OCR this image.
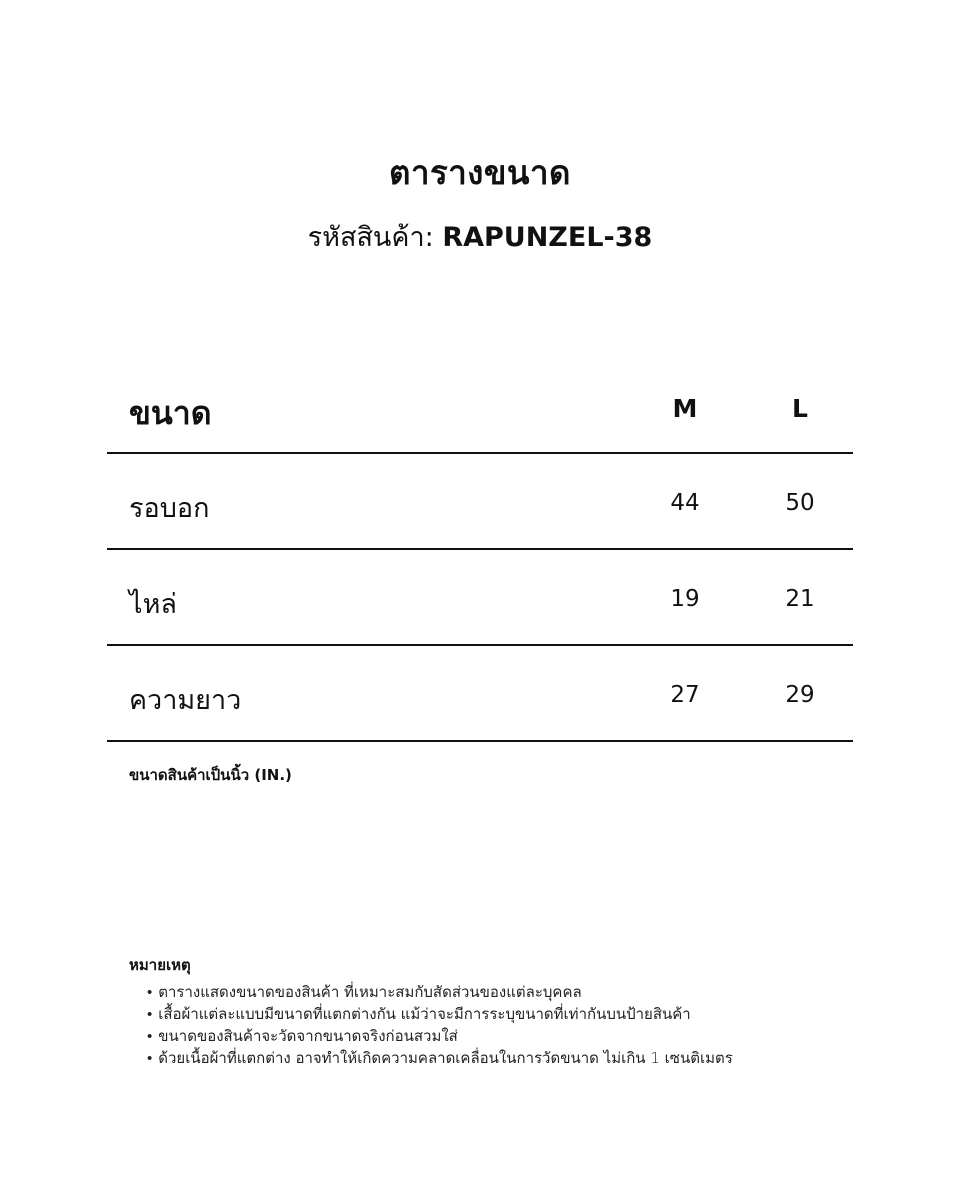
ตารางขนาด
รหัสสินค้า: RAPUNZEL-38
ขนาด	M	L
รอบอก	44	50
ไหล่	19	21
ความยาว	27	29
ขนาดสินค้าเป็นนิ้ว (IN.)
หมายเหตุ
• ตารางแสดงขนาดของสินค้า ที่เหมาะสมกับสัดส่วนของแต่ละบุคคล
• เสื้อผ้าแต่ละแบบมีขนาดที่แตกต่างกัน แม้ว่าจะมีการระบุขนาดที่เท่ากันบนป้ายสินค้า
• ขนาดของสินค้าจะวัดจากขนาดจริงก่อนสวมใส่
• ด้วยเนื้อผ้าที่แตกต่าง อาจทำให้เกิดความคลาดเคลื่อนในการวัดขนาด ไม่เกิน 1 เซนติเมตร
